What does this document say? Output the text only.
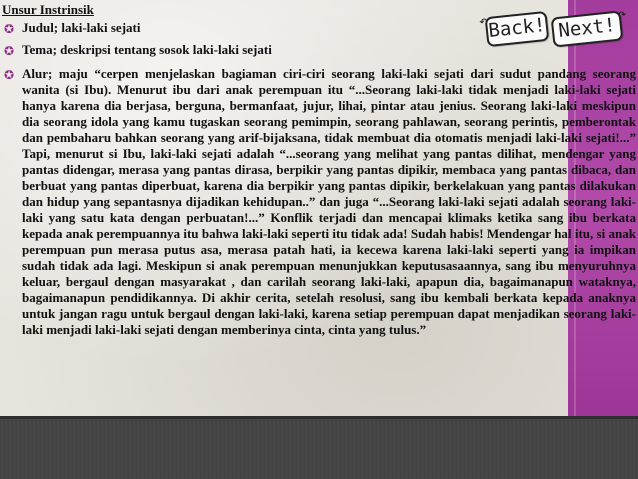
Unsur Instrinsik
✪ Judul; laki-laki sejati
✪ Tema; deskripsi tentang sosok laki-laki sejati
✪ Alur; maju “cerpen menjelaskan bagiaman ciri-ciri seorang laki-laki sejati dari sudut pandang seorang wanita (si Ibu). Menurut ibu dari anak perempuan itu “...Seorang laki-laki tidak menjadi laki-laki sejati hanya karena dia berjasa, berguna, bermanfaat, jujur, lihai, pintar atau jenius. Seorang laki-laki meskipun dia seorang idola yang kamu tugaskan seorang pemimpin, seorang pahlawan, seorang perintis, pemberontak dan pembaharu bahkan seorang yang arif-bijaksana, tidak membuat dia otomatis menjadi laki-laki sejati!...” Tapi, menurut si Ibu, laki-laki sejati adalah “...seorang yang melihat yang pantas dilihat, mendengar yang pantas didengar, merasa yang pantas dirasa, berpikir yang pantas dipikir, membaca yang pantas dibaca, dan berbuat yang pantas diperbuat, karena dia berpikir yang pantas dipikir, berkelakuan yang pantas dilakukan dan hidup yang sepantasnya dijadikan kehidupan..” dan juga “...Seorang laki-laki sejati adalah seorang laki-laki yang satu kata dengan perbuatan!...” Konflik terjadi dan mencapai klimaks ketika sang ibu berkata kepada anak perempuannya itu bahwa laki-laki seperti itu tidak ada! Sudah habis! Mendengar hal itu, si anak perempuan pun merasa putus asa, merasa patah hati, ia kecewa karena laki-laki seperti yang ia impikan sudah tidak ada lagi. Meskipun si anak perempuan menunjukkan keputusasaannya, sang ibu menyuruhnya keluar, bergaul dengan masyarakat , dan carilah seorang laki-laki, apapun dia, bagaimanapun wataknya, bagaimanapun pendidikannya. Di akhir cerita, setelah resolusi, sang ibu kembali berkata kepada anaknya untuk jangan ragu untuk bergaul dengan laki-laki, karena setiap perempuan dapat menjadikan seorang laki-laki menjadi laki-laki sejati dengan memberinya cinta, cinta yang tulus.”
↶ Back! Next! ↷
